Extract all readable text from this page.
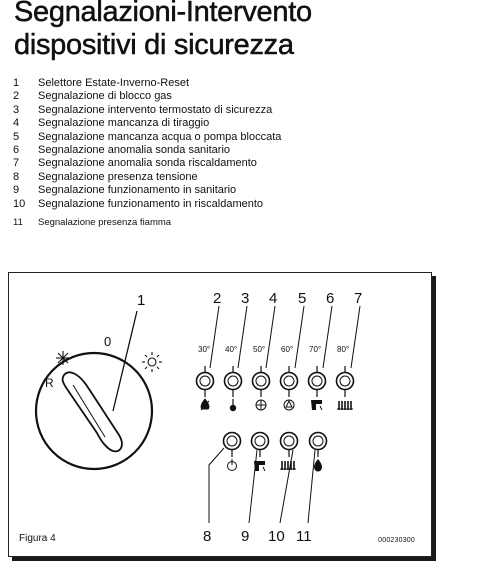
Segnalazioni-Intervento
dispositivi di sicurezza
1 Selettore Estate-Inverno-Reset
2 Segnalazione di blocco gas
3 Segnalazione intervento termostato di sicurezza
4 Segnalazione mancanza di tiraggio
5 Segnalazione mancanza acqua o pompa bloccata
6 Segnalazione anomalia sonda sanitario
7 Segnalazione anomalia sonda riscaldamento
8 Segnalazione presenza tensione
9 Segnalazione funzionamento in sanitario
10 Segnalazione funzionamento in riscaldamento
11 Segnalazione presenza fiamma
1
0
R
2
30°
3
40°
4
50°
5
60°
6
70°
7
80°
8 9 10 11
Figura 4	000230300
